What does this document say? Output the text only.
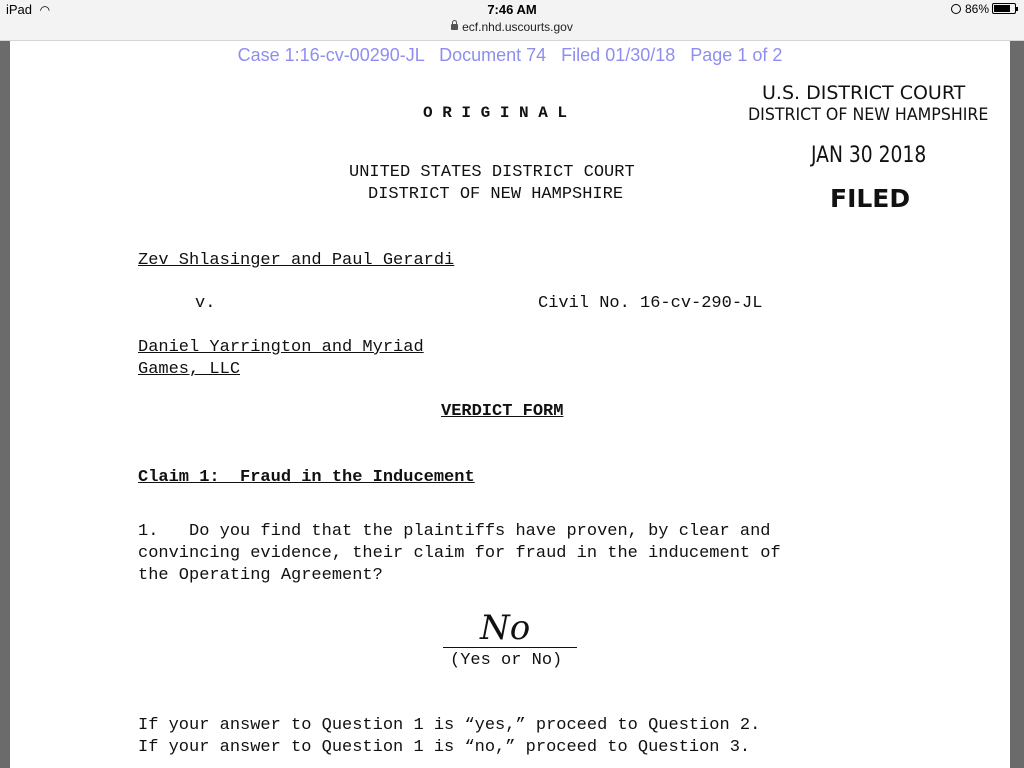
iPad ◠	7:46 AM
ecf.nhd.uscourts.gov
86%
Case 1:16-cv-00290-JL Document 74 Filed 01/30/18 Page 1 of 2
O R I G I N A L
U.S. DISTRICT COURT
DISTRICT OF NEW HAMPSHIRE
JAN 30 2018
FILED
UNITED STATES DISTRICT COURT
DISTRICT OF NEW HAMPSHIRE
Zev Shlasinger and Paul Gerardi
v.	Civil No. 16-cv-290-JL
Daniel Yarrington and Myriad
Games, LLC
VERDICT FORM
Claim 1:  Fraud in the Inducement
1.   Do you find that the plaintiffs have proven, by clear and
convincing evidence, their claim for fraud in the inducement of
the Operating Agreement?
No
(Yes or No)
If your answer to Question 1 is “yes,” proceed to Question 2.
If your answer to Question 1 is “no,” proceed to Question 3.
